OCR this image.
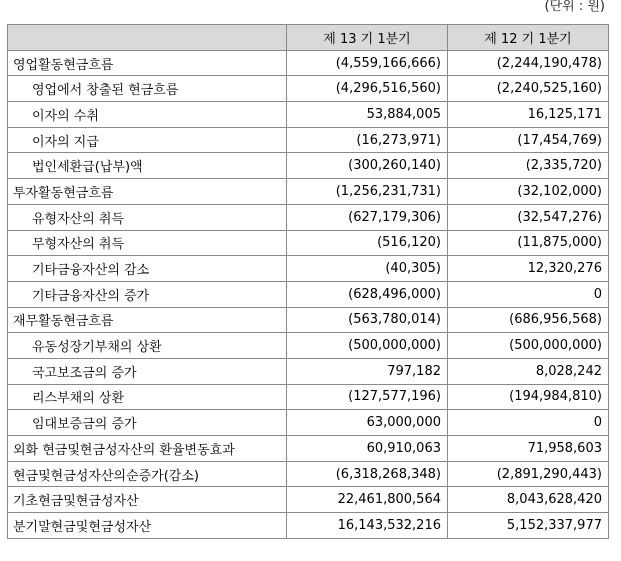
(단위 : 원)
	제 13 기 1분기	제 12 기 1분기
영업활동현금흐름	(4,559,166,666)	(2,244,190,478)
영업에서 창출된 현금흐름	(4,296,516,560)	(2,240,525,160)
이자의 수취	53,884,005	16,125,171
이자의 지급	(16,273,971)	(17,454,769)
법인세환급(납부)액	(300,260,140)	(2,335,720)
투자활동현금흐름	(1,256,231,731)	(32,102,000)
유형자산의 취득	(627,179,306)	(32,547,276)
무형자산의 취득	(516,120)	(11,875,000)
기타금융자산의 감소	(40,305)	12,320,276
기타금융자산의 증가	(628,496,000)	0
재무활동현금흐름	(563,780,014)	(686,956,568)
유동성장기부채의 상환	(500,000,000)	(500,000,000)
국고보조금의 증가	797,182	8,028,242
리스부채의 상환	(127,577,196)	(194,984,810)
임대보증금의 증가	63,000,000	0
외화 현금및현금성자산의 환율변동효과	60,910,063	71,958,603
현금및현금성자산의순증가(감소)	(6,318,268,348)	(2,891,290,443)
기초현금및현금성자산	22,461,800,564	8,043,628,420
분기말현금및현금성자산	16,143,532,216	5,152,337,977
